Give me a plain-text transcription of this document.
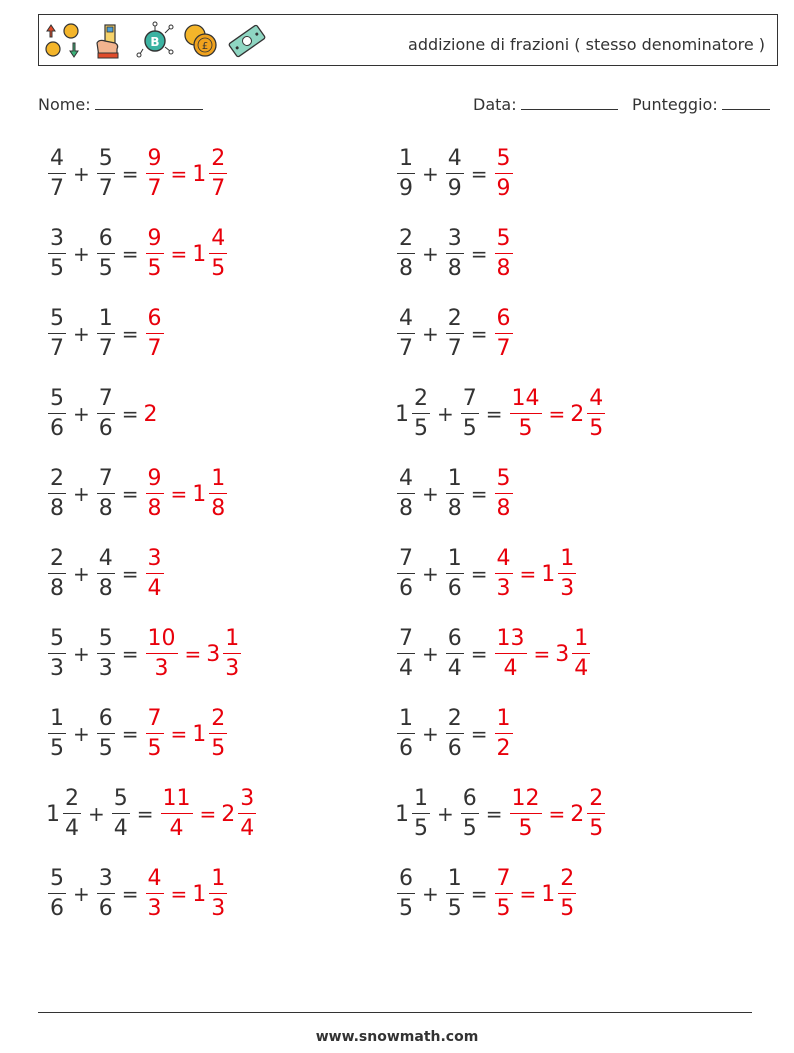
B	£	addizione di frazioni ( stesso denominatore )
Nome:	Data:	Punteggio:
$\frac{4}{7} + \frac{5}{7} = \frac{9}{7} = 1 \frac{2}{7}$	$\frac{1}{9} + \frac{4}{9} = \frac{5}{9}$
$\frac{3}{5} + \frac{6}{5} = \frac{9}{5} = 1 \frac{4}{5}$	$\frac{2}{8} + \frac{3}{8} = \frac{5}{8}$
$\frac{5}{7} + \frac{1}{7} = \frac{6}{7}$	$\frac{4}{7} + \frac{2}{7} = \frac{6}{7}$
$\frac{5}{6} + \frac{7}{6} = 2$	$1 \frac{2}{5} + \frac{7}{5} = \frac{14}{5} = 2 \frac{4}{5}$
$\frac{2}{8} + \frac{7}{8} = \frac{9}{8} = 1 \frac{1}{8}$	$\frac{4}{8} + \frac{1}{8} = \frac{5}{8}$
$\frac{2}{8} + \frac{4}{8} = \frac{3}{4}$	$\frac{7}{6} + \frac{1}{6} = \frac{4}{3} = 1 \frac{1}{3}$
$\frac{5}{3} + \frac{5}{3} = \frac{10}{3} = 3 \frac{1}{3}$	$\frac{7}{4} + \frac{6}{4} = \frac{13}{4} = 3 \frac{1}{4}$
$\frac{1}{5} + \frac{6}{5} = \frac{7}{5} = 1 \frac{2}{5}$	$\frac{1}{6} + \frac{2}{6} = \frac{1}{2}$
$1 \frac{2}{4} + \frac{5}{4} = \frac{11}{4} = 2 \frac{3}{4}$	$1 \frac{1}{5} + \frac{6}{5} = \frac{12}{5} = 2 \frac{2}{5}$
$\frac{5}{6} + \frac{3}{6} = \frac{4}{3} = 1 \frac{1}{3}$	$\frac{6}{5} + \frac{1}{5} = \frac{7}{5} = 1 \frac{2}{5}$
www.snowmath.com
